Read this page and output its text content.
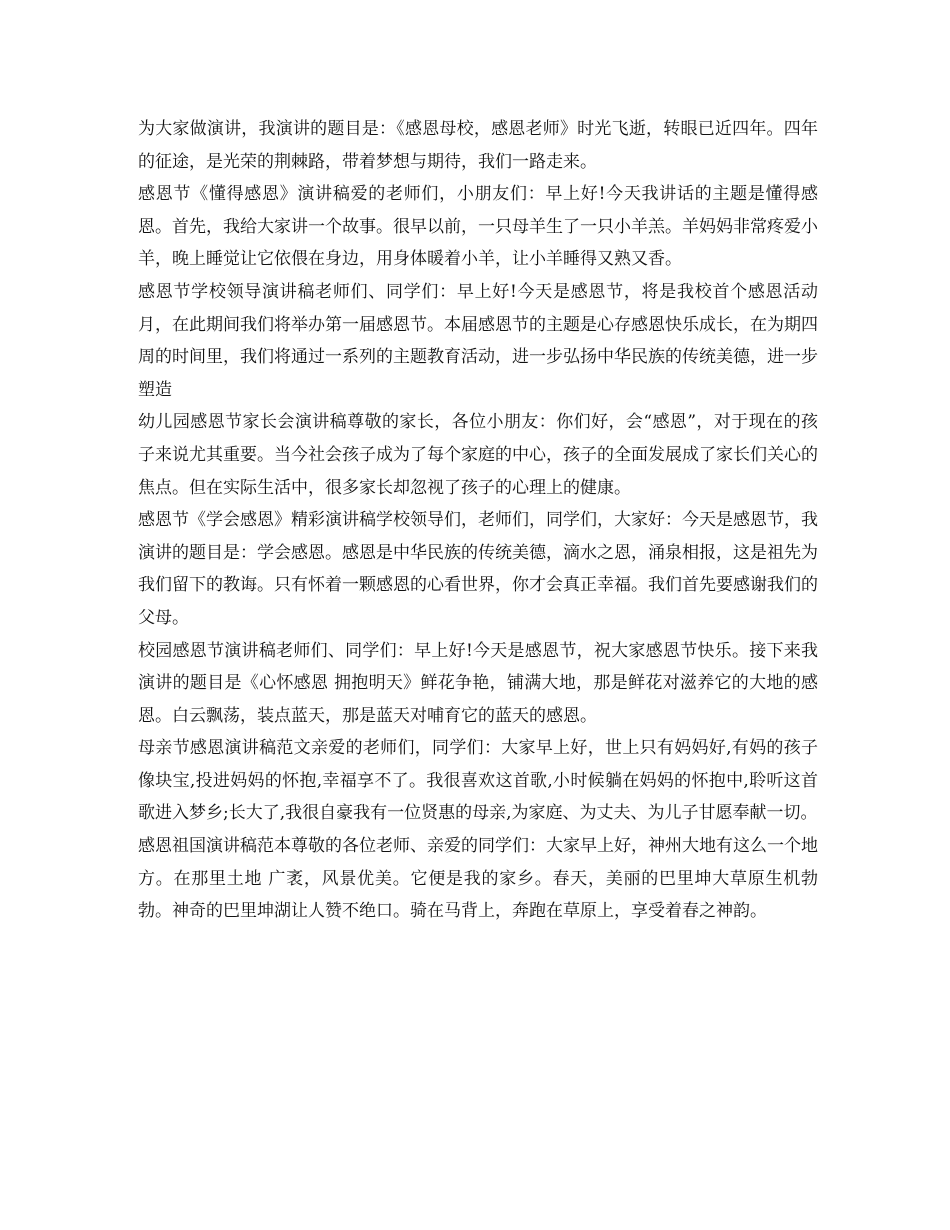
为大家做演讲，我演讲的题目是：《感恩母校，感恩老师》时光飞逝，转眼已近四年。四年的征途，是光荣的荆棘路，带着梦想与期待，我们一路走来。

感恩节《懂得感恩》演讲稿爱的老师们，小朋友们：早上好!今天我讲话的主题是懂得感恩。首先，我给大家讲一个故事。很早以前，一只母羊生了一只小羊羔。羊妈妈非常疼爱小羊，晚上睡觉让它依偎在身边，用身体暖着小羊，让小羊睡得又熟又香。

感恩节学校领导演讲稿老师们、同学们：早上好!今天是感恩节，将是我校首个感恩活动月，在此期间我们将举办第一届感恩节。本届感恩节的主题是心存感恩快乐成长，在为期四周的时间里，我们将通过一系列的主题教育活动，进一步弘扬中华民族的传统美德，进一步塑造

幼儿园感恩节家长会演讲稿尊敬的家长，各位小朋友：你们好，会“感恩”，对于现在的孩子来说尤其重要。当今社会孩子成为了每个家庭的中心，孩子的全面发展成了家长们关心的焦点。但在实际生活中，很多家长却忽视了孩子的心理上的健康。

感恩节《学会感恩》精彩演讲稿学校领导们，老师们，同学们，大家好：今天是感恩节，我演讲的题目是：学会感恩。感恩是中华民族的传统美德，滴水之恩，涌泉相报，这是祖先为我们留下的教诲。只有怀着一颗感恩的心看世界，你才会真正幸福。我们首先要感谢我们的父母。

校园感恩节演讲稿老师们、同学们：早上好!今天是感恩节，祝大家感恩节快乐。接下来我演讲的题目是《心怀感恩 拥抱明天》鲜花争艳，铺满大地，那是鲜花对滋养它的大地的感恩。白云飘荡，装点蓝天，那是蓝天对哺育它的蓝天的感恩。

母亲节感恩演讲稿范文亲爱的老师们，同学们：大家早上好，世上只有妈妈好,有妈的孩子像块宝,投进妈妈的怀抱,幸福享不了。我很喜欢这首歌,小时候躺在妈妈的怀抱中,聆听这首歌进入梦乡;长大了,我很自豪我有一位贤惠的母亲,为家庭、为丈夫、为儿子甘愿奉献一切。

感恩祖国演讲稿范本尊敬的各位老师、亲爱的同学们：大家早上好，神州大地有这么一个地方。在那里土地 广袤，风景优美。它便是我的家乡。春天，美丽的巴里坤大草原生机勃勃。神奇的巴里坤湖让人赞不绝口。骑在马背上，奔跑在草原上，享受着春之神韵。
